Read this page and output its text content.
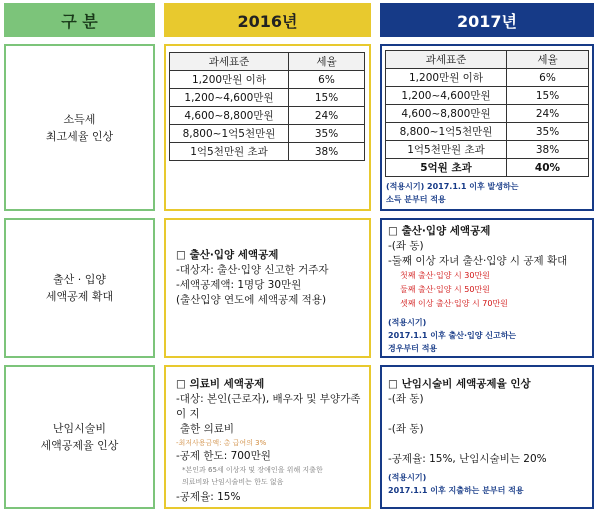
구 분	2016년	2017년
소득세
최고세율 인상
과세표준	세율
1,200만원 이하	6%
1,200~4,600만원	15%
4,600~8,800만원	24%
8,800~1억5천만원	35%
1억5천만원 초과	38%
과세표준	세율
1,200만원 이하	6%
1,200~4,600만원	15%
4,600~8,800만원	24%
8,800~1억5천만원	35%
1억5천만원 초과	38%
5억원 초과	40%
(적용시기) 2017.1.1 이후 발생하는
소득 분부터 적용
출산 · 입양
세액공제 확대
□ 출산·입양 세액공제
-대상자: 출산·입양 신고한 거주자
-세액공제액: 1명당 30만원
(출산입양 연도에 세액공제 적용)
□ 출산·입양 세액공제
-(좌 동)
-둘째 이상 자녀 출산·입양 시 공제 확대
첫째 출산·입양 시 30만원
둘째 출산·입양 시 50만원
셋째 이상 출산·입양 시 70만원
(적용시기)
2017.1.1 이후 출산·입양 신고하는
경우부터 적용
난임시술비
세액공제율 인상
□ 의료비 세액공제
-대상: 본인(근로자), 배우자 및 부양가족이 지
출한 의료비
-최저사용금액: 총 급여의 3%
-공제 한도: 700만원
*본인과 65세 이상자 및 장애인을 위해 지출한
의료비와 난임시술비는 한도 없음
-공제율: 15%
□ 난임시술비 세액공제율 인상
-(좌 동)
-(좌 동)
-공제율: 15%, 난임시술비는 20%
(적용시기)
2017.1.1 이후 지출하는 분부터 적용
